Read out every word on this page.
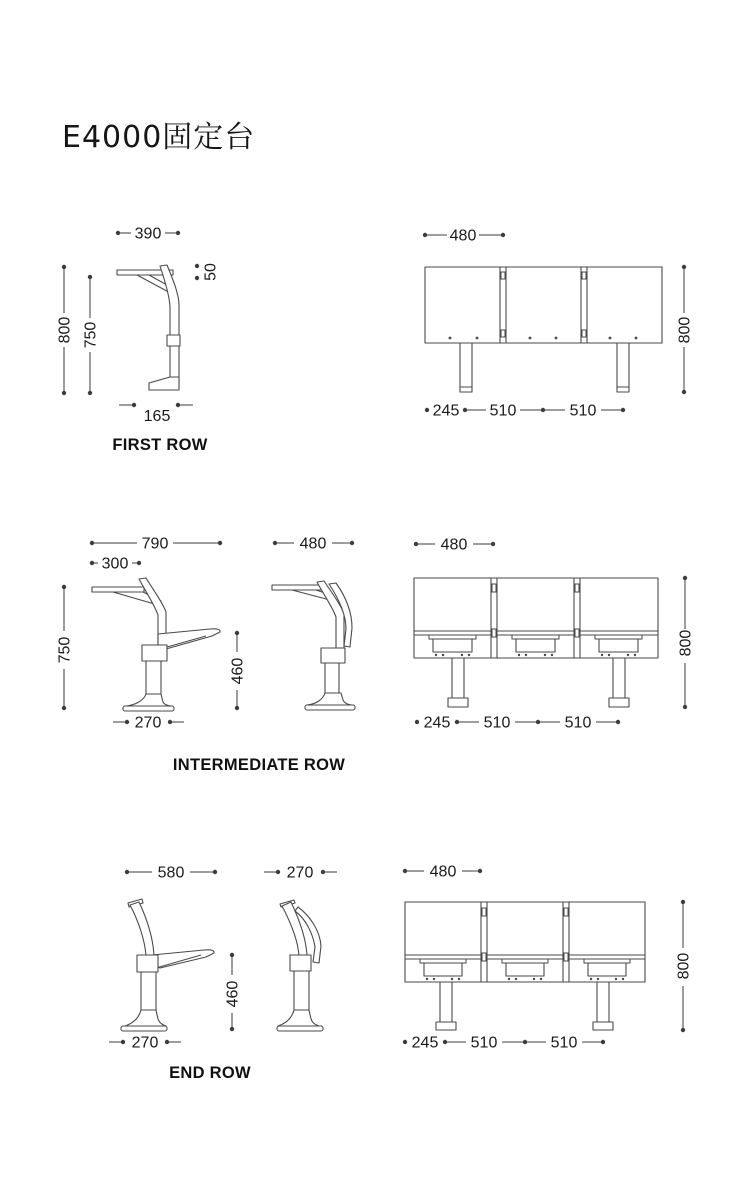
E4000固定台
390
800 750
50
165
FIRST ROW
480
800
245 510	510
790
300
750
460
270
480	480
800
245 510	510
INTERMEDIATE ROW
580
460
270
270	480
800
245 510	510
END ROW
